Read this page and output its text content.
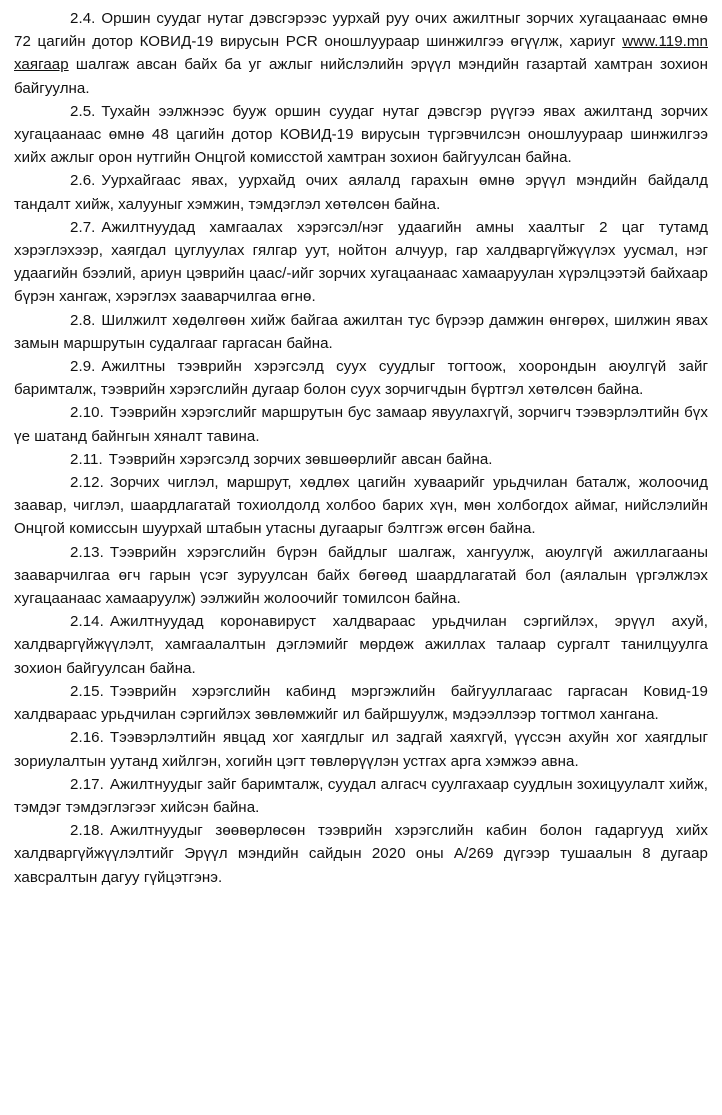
2.4. Оршин суудаг нутаг дэвсгэрээс уурхай руу очих ажилтныг зорчих хугацаанаас өмнө 72 цагийн дотор КОВИД-19 вирусын PCR оношлуураар шинжилгээ өгүүлж, хариуг www.119.mn хаягаар шалгаж авсан байх ба уг ажлыг нийслэлийн эрүүл мэндийн газартай хамтран зохион байгуулна.

2.5. Тухайн ээлжнээс бууж оршин суудаг нутаг дэвсгэр рүүгээ явах ажилтанд зорчих хугацаанаас өмнө 48 цагийн дотор КОВИД-19 вирусын түргэвчилсэн оношлуураар шинжилгээ хийх ажлыг орон нутгийн Онцгой комисстой хамтран зохион байгуулсан байна.

2.6. Уурхайгаас явах, уурхайд очих аялалд гарахын өмнө эрүүл мэндийн байдалд тандалт хийж, халууныг хэмжин, тэмдэглэл хөтөлсөн байна.

2.7. Ажилтнуудад хамгаалах хэрэгсэл/нэг удаагийн амны хаалтыг 2 цаг тутамд хэрэглэхээр, хаягдал цуглуулах гялгар уут, нойтон алчуур, гар халдваргүйжүүлэх уусмал, нэг удаагийн бээлий, ариун цэврийн цаас/-ийг зорчих хугацаанаас хамааруулан хүрэлцээтэй байхаар бүрэн хангаж, хэрэглэх зааварчилгаа өгнө.

2.8. Шилжилт хөдөлгөөн хийж байгаа ажилтан тус бүрээр дамжин өнгөрөх, шилжин явах замын маршрутын судалгааг гаргасан байна.

2.9. Ажилтны тээврийн хэрэгсэлд суух суудлыг тогтоож, хоорондын аюулгүй зайг баримталж, тээврийн хэрэгслийн дугаар болон суух зорчигчдын бүртгэл хөтөлсөн байна.

2.10. Тээврийн хэрэгслийг маршрутын бус замаар явуулахгүй, зорчигч тээвэрлэлтийн бүх үе шатанд байнгын хяналт тавина.

2.11. Тээврийн хэрэгсэлд зорчих зөвшөөрлийг авсан байна.

2.12. Зорчих чиглэл, маршрут, хөдлөх цагийн хуваарийг урьдчилан баталж, жолоочид заавар, чиглэл, шаардлагатай тохиолдолд холбоо барих хүн, мөн холбогдох аймаг, нийслэлийн Онцгой комиссын шуурхай штабын утасны дугаарыг бэлтгэж өгсөн байна.

2.13. Тээврийн хэрэгслийн бүрэн байдлыг шалгаж, хангуулж, аюулгүй ажиллагааны зааварчилгаа өгч гарын үсэг зуруулсан байх бөгөөд шаардлагатай бол (аялалын үргэлжлэх хугацаанаас хамааруулж) ээлжийн жолоочийг томилсон байна.

2.14. Ажилтнуудад коронавируст халдвараас урьдчилан сэргийлэх, эрүүл ахуй, халдваргүйжүүлэлт, хамгаалалтын дэглэмийг мөрдөж ажиллах талаар сургалт танилцуулга зохион байгуулсан байна.

2.15. Тээврийн хэрэгслийн кабинд мэргэжлийн байгууллагаас гаргасан Ковид-19 халдвараас урьдчилан сэргийлэх зөвлөмжийг ил байршуулж, мэдээллээр тогтмол хангана.

2.16. Тээвэрлэлтийн явцад хог хаягдлыг ил задгай хаяхгүй, үүссэн ахуйн хог хаягдлыг зориулалтын уутанд хийлгэн, хогийн цэгт төвлөрүүлэн устгах арга хэмжээ авна.

2.17. Ажилтнуудыг зайг баримталж, суудал алгасч суулгахаар суудлын зохицуулалт хийж, тэмдэг тэмдэглэгээг хийсэн байна.

2.18. Ажилтнуудыг зөөвөрлөсөн тээврийн хэрэгслийн кабин болон гадаргууд хийх халдваргүйжүүлэлтийг Эрүүл мэндийн сайдын 2020 оны А/269 дүгээр тушаалын 8 дугаар хавсралтын дагуу гүйцэтгэнэ.
